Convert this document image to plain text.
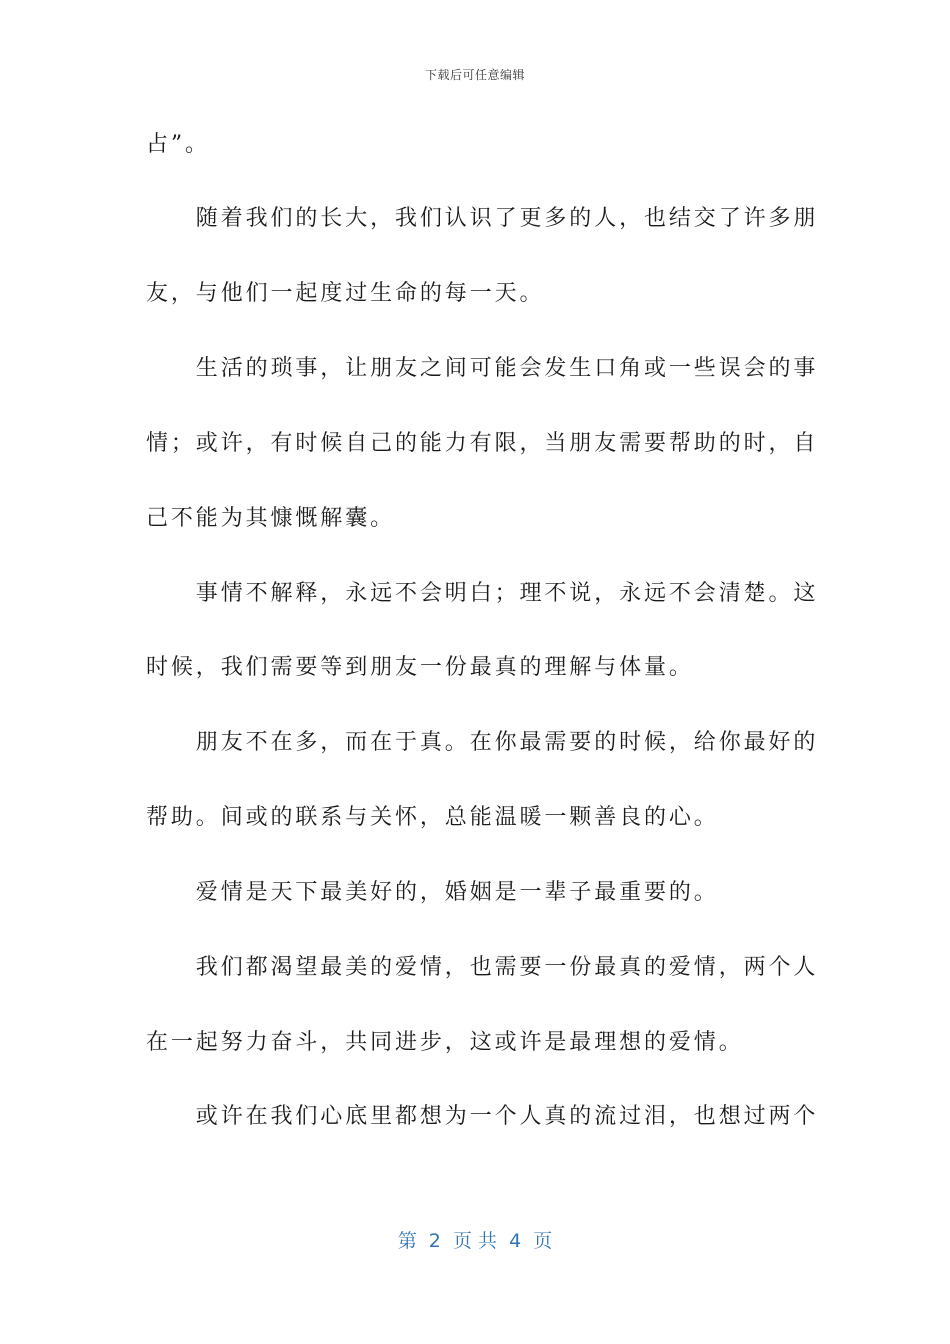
下载后可任意编辑
占”。
　　随着我们的长大，我们认识了更多的人，也结交了许多朋
友，与他们一起度过生命的每一天。
　　生活的琐事，让朋友之间可能会发生口角或一些误会的事
情；或许，有时候自己的能力有限，当朋友需要帮助的时，自
己不能为其慷慨解囊。
　　事情不解释，永远不会明白；理不说，永远不会清楚。这
时候，我们需要等到朋友一份最真的理解与体量。
　　朋友不在多，而在于真。在你最需要的时候，给你最好的
帮助。间或的联系与关怀，总能温暖一颗善良的心。
　　爱情是天下最美好的，婚姻是一辈子最重要的。
　　我们都渴望最美的爱情，也需要一份最真的爱情，两个人
在一起努力奋斗，共同进步，这或许是最理想的爱情。
　　或许在我们心底里都想为一个人真的流过泪，也想过两个
第  2  页 共  4  页
